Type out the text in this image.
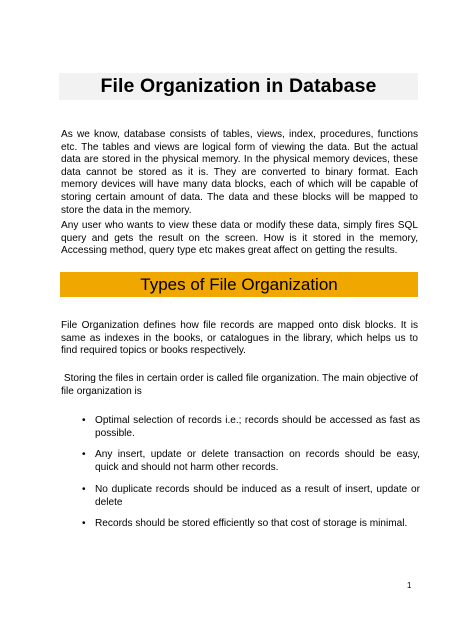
File Organization in Database

As we know, database consists of tables, views, index, procedures, functions etc. The tables and views are logical form of viewing the data. But the actual data are stored in the physical memory. In the physical memory devices, these data cannot be stored as it is. They are converted to binary format. Each memory devices will have many data blocks, each of which will be capable of storing certain amount of data. The data and these blocks will be mapped to store the data in the memory.

Any user who wants to view these data or modify these data, simply fires SQL query and gets the result on the screen. How is it stored in the memory, Accessing method, query type etc makes great affect on getting the results.

Types of File Organization

File Organization defines how file records are mapped onto disk blocks. It is same as indexes in the books, or catalogues in the library, which helps us to find required topics or books respectively.

Storing the files in certain order is called file organization. The main objective of file organization is

• Optimal selection of records i.e.; records should be accessed as fast as possible.
• Any insert, update or delete transaction on records should be easy, quick and should not harm other records.
• No duplicate records should be induced as a result of insert, update or delete
• Records should be stored efficiently so that cost of storage is minimal.
1
